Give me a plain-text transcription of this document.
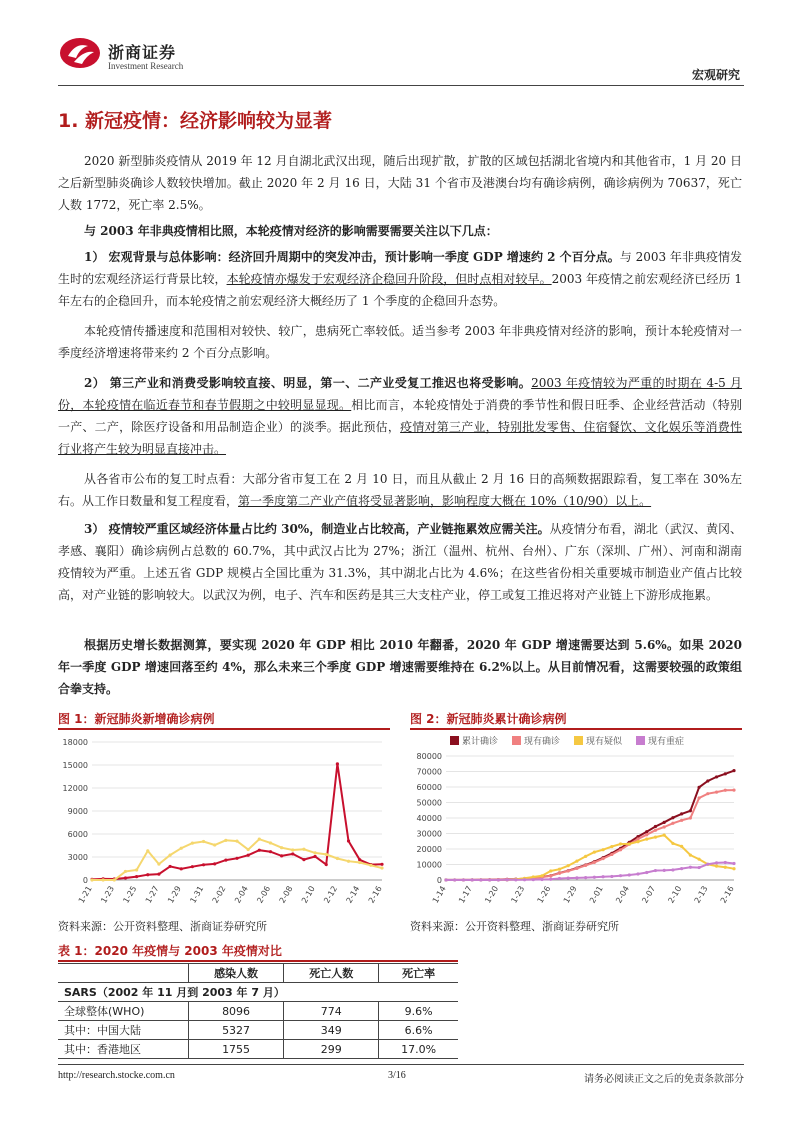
浙商证券
Investment Research
宏观研究
1. 新冠疫情：经济影响较为显著
2020 新型肺炎疫情从 2019 年 12 月自湖北武汉出现，随后出现扩散，扩散的区域包括湖北省境内和其他省市，1 月 20 日之后新型肺炎确诊人数较快增加。截止 2020 年 2 月 16 日，大陆 31 个省市及港澳台均有确诊病例，确诊病例为 70637，死亡人数 1772，死亡率 2.5%。
与 2003 年非典疫情相比照，本轮疫情对经济的影响需要需要关注以下几点：
1） 宏观背景与总体影响：经济回升周期中的突发冲击，预计影响一季度 GDP 增速约 2 个百分点。与 2003 年非典疫情发生时的宏观经济运行背景比较，本轮疫情亦爆发于宏观经济企稳回升阶段，但时点相对较早。2003 年疫情之前宏观经济已经历 1 年左右的企稳回升，而本轮疫情之前宏观经济大概经历了 1 个季度的企稳回升态势。
本轮疫情传播速度和范围相对较快、较广，患病死亡率较低。适当参考 2003 年非典疫情对经济的影响，预计本轮疫情对一季度经济增速将带来约 2 个百分点影响。
2） 第三产业和消费受影响较直接、明显，第一、二产业受复工推迟也将受影响。2003 年疫情较为严重的时期在 4-5 月份，本轮疫情在临近春节和春节假期之中较明显显现。相比而言，本轮疫情处于消费的季节性和假日旺季、企业经营活动（特别一产、二产，除医疗设备和用品制造企业）的淡季。据此预估，疫情对第三产业，特别批发零售、住宿餐饮、文化娱乐等消费性行业将产生较为明显直接冲击。
从各省市公布的复工时点看：大部分省市复工在 2 月 10 日，而且从截止 2 月 16 日的高频数据跟踪看，复工率在 30%左右。从工作日数量和复工程度看，第一季度第二产业产值将受显著影响，影响程度大概在 10%（10/90）以上。
3） 疫情较严重区域经济体量占比约 30%，制造业占比较高，产业链拖累效应需关注。从疫情分布看，湖北（武汉、黄冈、孝感、襄阳）确诊病例占总数的 60.7%，其中武汉占比为 27%；浙江（温州、杭州、台州）、广东（深圳、广州）、河南和湖南疫情较为严重。上述五省 GDP 规模占全国比重为 31.3%，其中湖北占比为 4.6%；在这些省份相关重要城市制造业产值占比较高，对产业链的影响较大。以武汉为例，电子、汽车和医药是其三大支柱产业，停工或复工推迟将对产业链上下游形成拖累。
根据历史增长数据测算，要实现 2020 年 GDP 相比 2010 年翻番，2020 年 GDP 增速需要达到 5.6%。如果 2020 年一季度 GDP 增速回落至约 4%，那么未来三个季度 GDP 增速需要维持在 6.2%以上。从目前情况看，这需要较强的政策组合拳支持。
图 1：新冠肺炎新增确诊病例
0
3000
6000
9000
12000
15000
18000
1-21 1-23 1-25 1-27 1-29 1-31 2-02 2-04 2-06 2-08 2-10 2-12 2-14 2-16
资料来源：公开资料整理、浙商证券研究所
图 2：新冠肺炎累计确诊病例
0
10000
20000
30000
40000
50000
60000
70000
80000
1-14 1-17 1-20 1-23 1-26 1-29 2-01 2-04 2-07 2-10 2-13 2-16
累计确诊	现有确诊	现有疑似	现有重症
资料来源：公开资料整理、浙商证券研究所
表 1：2020 年疫情与 2003 年疫情对比
	感染人数	死亡人数	死亡率
SARS（2002 年 11 月到 2003 年 7 月）			
全球整体(WHO)	8096	774	9.6%
其中：中国大陆	5327	349	6.6%
其中：香港地区	1755	299	17.0%
http://research.stocke.com.cn	3/16	请务必阅读正文之后的免责条款部分
